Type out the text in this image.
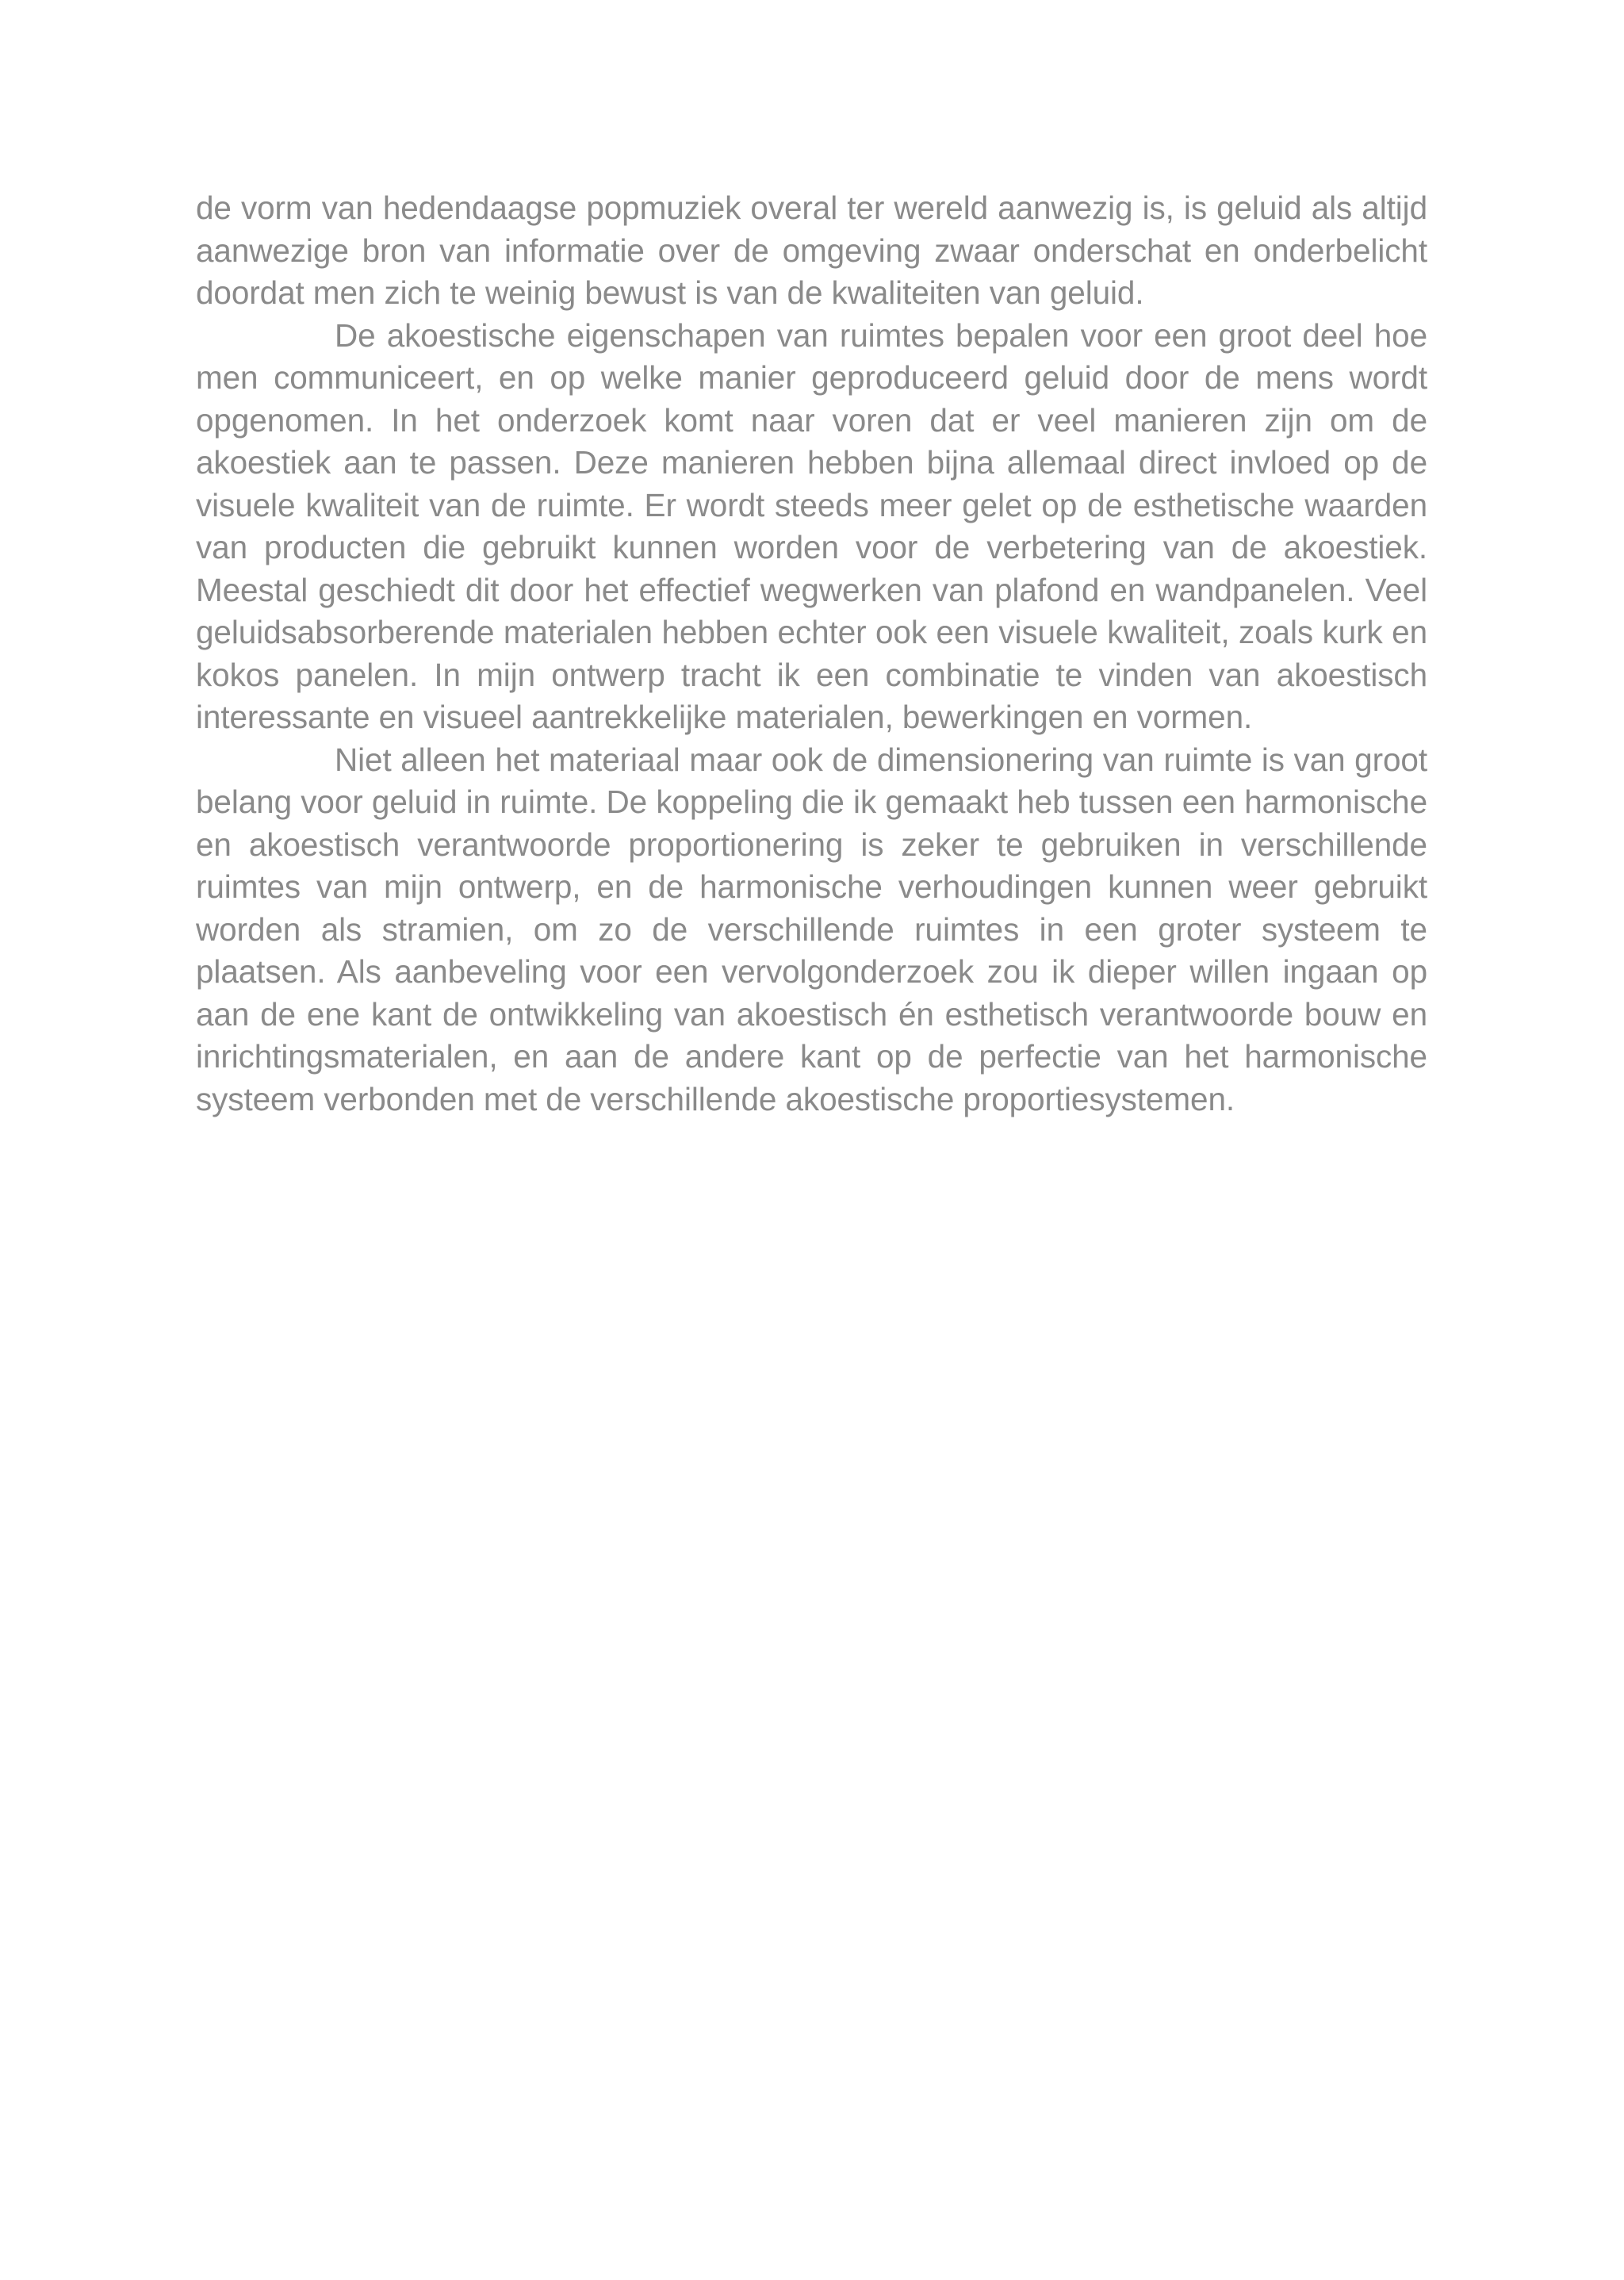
de vorm van hedendaagse popmuziek overal ter wereld aanwezig is, is geluid als altijd aanwezige bron van informatie over de omgeving zwaar onderschat en onderbelicht doordat men zich te weinig bewust is van de kwaliteiten van geluid.

De akoestische eigenschapen van ruimtes bepalen voor een groot deel hoe men communiceert, en op welke manier geproduceerd geluid door de mens wordt opgenomen. In het onderzoek komt naar voren dat er veel manieren zijn om de akoestiek aan te passen. Deze manieren hebben bijna allemaal direct invloed op de visuele kwaliteit van de ruimte. Er wordt steeds meer gelet op de esthetische waarden van producten die gebruikt kunnen worden voor de verbetering van de akoestiek. Meestal geschiedt dit door het effectief wegwerken van plafond en wandpanelen. Veel geluidsabsorberende materialen hebben echter ook een visuele kwaliteit, zoals kurk en kokos panelen. In mijn ontwerp tracht ik een combinatie te vinden van akoestisch interessante en visueel aantrekkelijke materialen, bewerkingen en vormen.

Niet alleen het materiaal maar ook de dimensionering van ruimte is van groot belang voor geluid in ruimte. De koppeling die ik gemaakt heb tussen een harmonische en akoestisch verantwoorde proportionering is zeker te gebruiken in verschillende ruimtes van mijn ontwerp, en de harmonische verhoudingen kunnen weer gebruikt worden als stramien, om zo de verschillende ruimtes in een groter systeem te plaatsen. Als aanbeveling voor een vervolgonderzoek zou ik dieper willen ingaan op aan de ene kant de ontwikkeling van akoestisch én esthetisch verantwoorde bouw en inrichtingsmaterialen, en aan de andere kant op de perfectie van het harmonische systeem verbonden met de verschillende akoestische proportiesystemen.
